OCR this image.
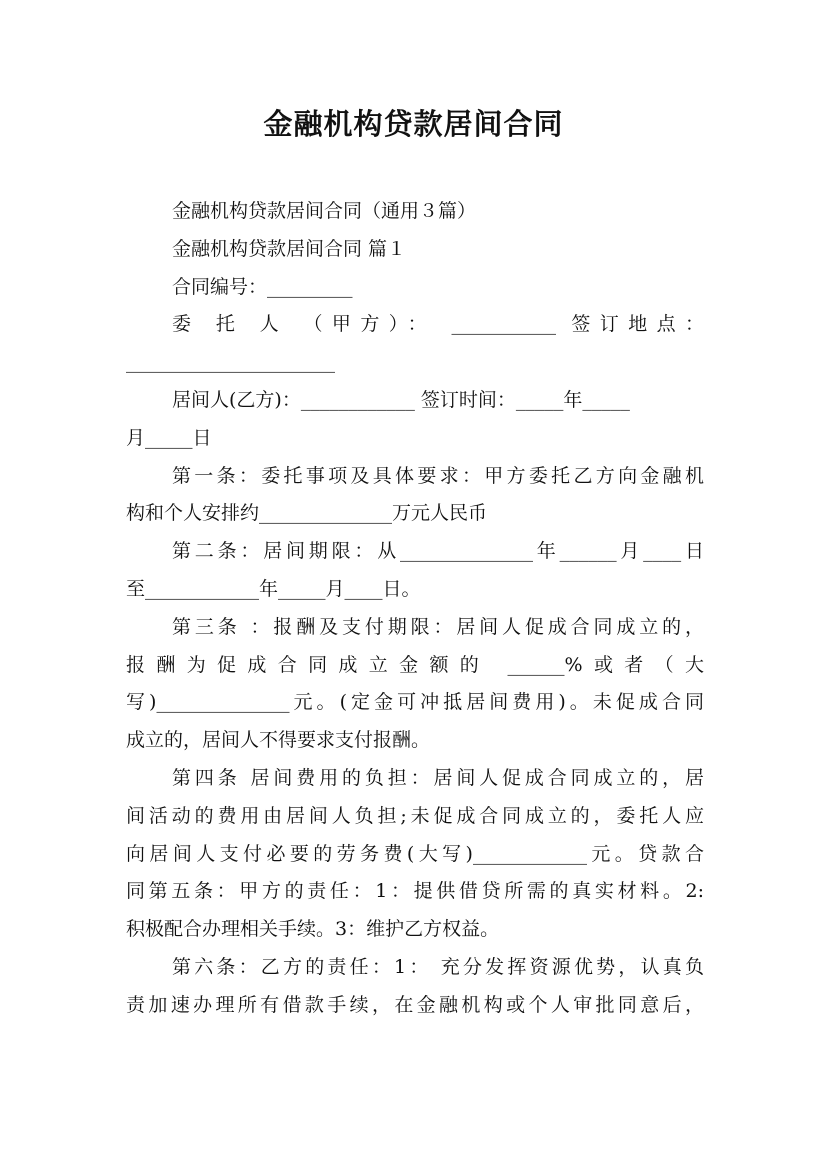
金融机构贷款居间合同
金融机构贷款居间合同（通用３篇）
金融机构贷款居间合同 篇１
合同编号：_________
委 托 人 （甲方）： ___________ 签订地点：
______________________
居间人(乙方)：____________ 签订时间：_____年_____
月_____日
第一条：委托事项及具体要求：甲方委托乙方向金融机
构和个人安排约______________万元人民币
第二条：居间期限：从______________年______月____日
至____________年_____月____日。
第三条 ：报酬及支付期限：居间人促成合同成立的，
报酬为促成合同成立金额的 ______%或者（大
写)______________元。(定金可冲抵居间费用)。未促成合同
成立的，居间人不得要求支付报酬。
第四条 居间费用的负担：居间人促成合同成立的，居
间活动的费用由居间人负担;未促成合同成立的，委托人应
向居间人支付必要的劳务费(大写)____________元。贷款合
同第五条：甲方的责任：1：提供借贷所需的真实材料。2:
积极配合办理相关手续。3：维护乙方权益。
第六条：乙方的责任：1： 充分发挥资源优势，认真负
责加速办理所有借款手续，在金融机构或个人审批同意后，
